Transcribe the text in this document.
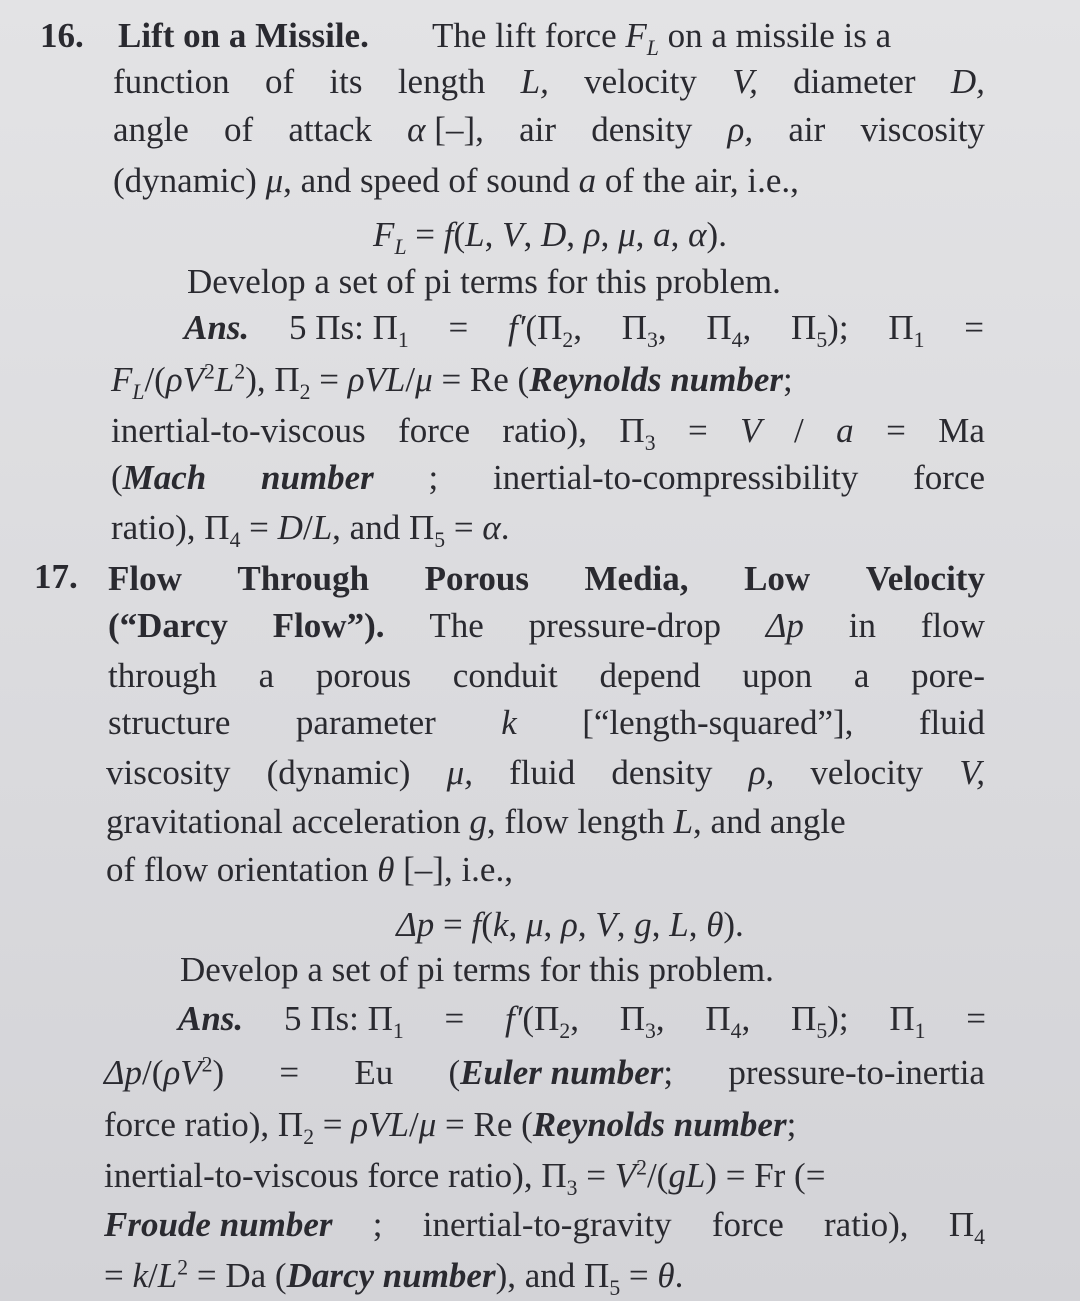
16. Lift on a Missile. The lift force $F_L$ on a missile is a
function of its length L, velocity V, diameter D,
angle of attack α [–], air density ρ, air viscosity
(dynamic) μ, and speed of sound a of the air, i.e.,
$F_L = f(L$, V, D, ρ, μ, a, α).
Develop a set of pi terms for this problem.
Ans. 5 Πs: $\Pi_1 = f'(\Pi_2$, $\Pi_3$, $\Pi_4$, $\Pi_5$); $\Pi_1$ =
$F_L/(\rho V^2L^2)$, $\Pi_2 = \rho VL/\mu = Re$ (Reynolds number;
inertial-to-viscous force ratio), $\Pi_3 = V / a = Ma$
(Mach number ; inertial-to-compressibility force
ratio), $\Pi_4 = D/L$, and $\Pi_5 = \alpha$.
17. Flow Through Porous Media, Low Velocity
(“Darcy Flow”). The pressure-drop Δp in flow
through a porous conduit depend upon a pore-
structure parameter k [“length-squared”], fluid
viscosity (dynamic) μ, fluid density ρ, velocity V,
gravitational acceleration g, flow length L, and angle
of flow orientation θ [–], i.e.,
Δp = f(k, μ, ρ, V, g, L, θ).
Develop a set of pi terms for this problem.
Ans. 5 Πs: $\Pi_1 = f'(\Pi_2$, $\Pi_3$, $\Pi_4$, $\Pi_5$); $\Pi_1$ =
$\Delta p/(\rho V^2) = Eu$ (Euler number; pressure-to-inertia
force ratio), $\Pi_2 = \rho VL/\mu = Re$ (Reynolds number;
inertial-to-viscous force ratio), $\Pi_3 = V^2/(gL) = Fr$ (=
Froude number ; inertial-to-gravity force ratio), $\Pi_4$
= $k/L^2 = Da$ (Darcy number), and $\Pi_5 = \theta$.
